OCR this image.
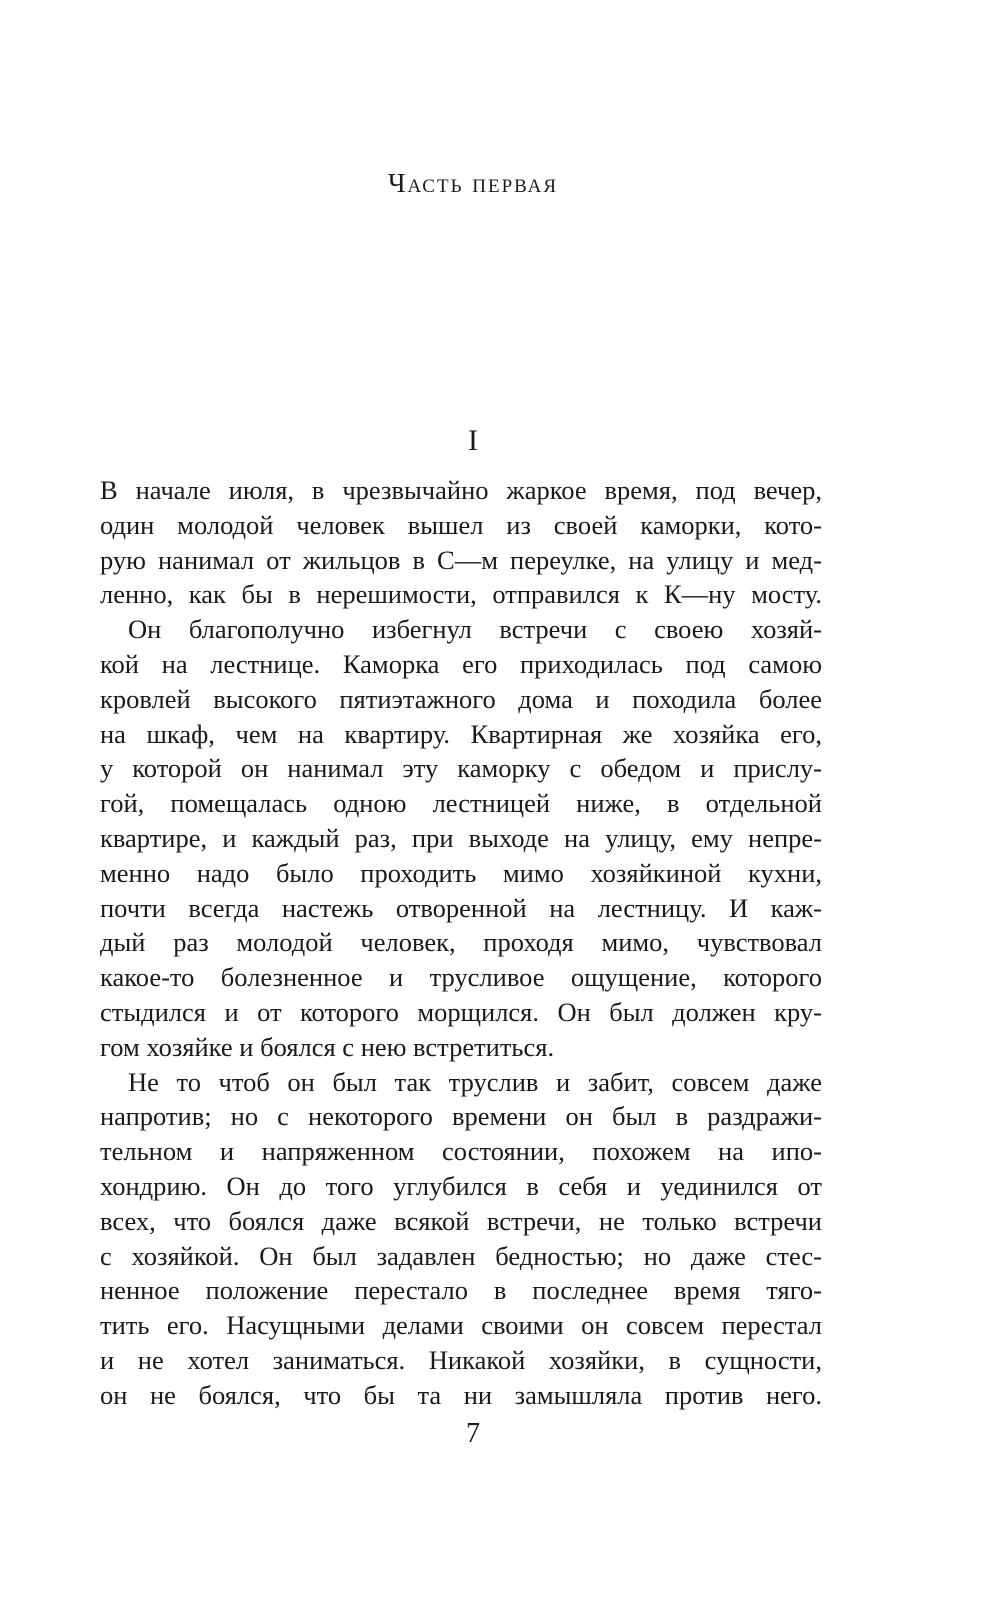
Часть первая
I
В начале июля, в чрезвычайно жаркое время, под вечер,
один молодой человек вышел из своей каморки, кото-
рую нанимал от жильцов в С—м переулке, на улицу и мед-
ленно, как бы в нерешимости, отправился к К—ну мосту.
Он благополучно избегнул встречи с своею хозяй-
кой на лестнице. Каморка его приходилась под самою
кровлей высокого пятиэтажного дома и походила более
на шкаф, чем на квартиру. Квартирная же хозяйка его,
у которой он нанимал эту каморку с обедом и прислу-
гой, помещалась одною лестницей ниже, в отдельной
квартире, и каждый раз, при выходе на улицу, ему непре-
менно надо было проходить мимо хозяйкиной кухни,
почти всегда настежь отворенной на лестницу. И каж-
дый раз молодой человек, проходя мимо, чувствовал
какое-то болезненное и трусливое ощущение, которого
стыдился и от которого морщился. Он был должен кру-
гом хозяйке и боялся с нею встретиться.
Не то чтоб он был так труслив и забит, совсем даже
напротив; но с некоторого времени он был в раздражи-
тельном и напряженном состоянии, похожем на ипо-
хондрию. Он до того углубился в себя и уединился от
всех, что боялся даже всякой встречи, не только встречи
с хозяйкой. Он был задавлен бедностью; но даже стес-
ненное положение перестало в последнее время тяго-
тить его. Насущными делами своими он совсем перестал
и не хотел заниматься. Никакой хозяйки, в сущности,
он не боялся, что бы та ни замышляла против него.
7
